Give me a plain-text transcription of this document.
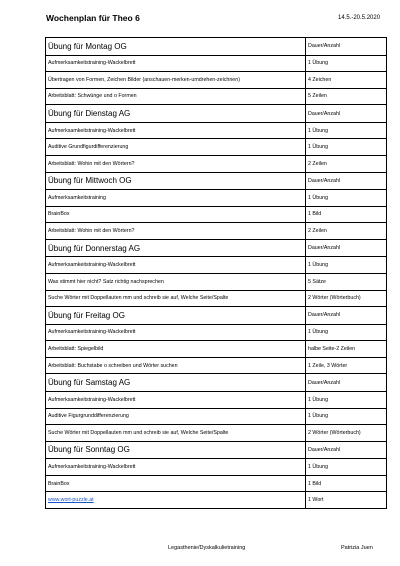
Wochenplan für Theo 6	14.5.-20.5.2020
Übung für Montag OG	Dauer/Anzahl
Aufmerksamkeitstraining-Wackelbrett	1 Übung
Übertragen von Formen, Zeichen Bilder (anschauen-merken-umdrehen-zeichnen)	4 Zeichen
Arbeitsblatt: Schwünge und o Formen	5 Zeilen
Übung für Dienstag AG	Dauer/Anzahl
Aufmerksamkeitstraining-Wackelbrett	1 Übung
Auditive Grundfigurdifferenzierung	1 Übung
Arbeitsblatt: Wohin mit den Wörtern?	2 Zeilen
Übung für Mittwoch OG	Dauer/Anzahl
Aufmerksamkeitstraining	1 Übung
BrainBox	1 Bild
Arbeitsblatt: Wohin mit den Wörtern?	2 Zeilen
Übung für Donnerstag AG	Dauer/Anzahl
Aufmerksamkeitstraining-Wackelbrett	1 Übung
Was stimmt hier nicht? Satz richtig nachsprechen	5 Sätze
Suche Wörter mit Doppellauten mm und schreib sie auf, Welche Seite/Spalte	2 Wörter (Wörterbuch)
Übung für Freitag OG	Dauer/Anzahl
Aufmerksamkeitstraining-Wackelbrett	1 Übung
Arbeitsblatt: Spiegelbild	halbe Seite-2 Zeilen
Arbeitsblatt: Buchstabe o schreiben und Wörter suchen	1 Zeile, 3 Wörter
Übung für Samstag AG	Dauer/Anzahl
Aufmerksamkeitstraining-Wackelbrett	1 Übung
Auditive Figurgrunddifferenzierung	1 Übung
Suche Wörter mit Doppellauten mm und schreib sie auf, Welche Seite/Spalte	2 Wörter (Wörterbuch)
Übung für Sonntag OG	Dauer/Anzahl
Aufmerksamkeitstraining-Wackelbrett	1 Übung
BrainBox	1 Bild
www.wort-puzzle.at	1 Wort
Legasthenie/Dyskalkulietraining	Patrizia Juen
